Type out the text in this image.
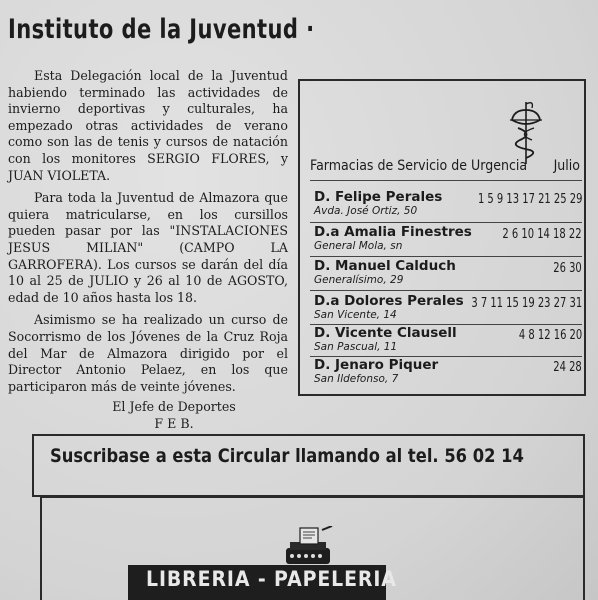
Instituto de la Juventud ·

Esta Delegación local de la Juventud habiendo terminado las actividades de invierno deportivas y culturales, ha empezado otras actividades de verano como son las de tenis y cursos de natación con los monitores SERGIO FLORES, y JUAN VIOLETA.

Para toda la Juventud de Almazora que quiera matricularse, en los cursillos pueden pasar por las "INSTALACIONES JESUS MILIAN" (CAMPO LA GARROFERA). Los cursos se darán del día 10 al 25 de JULIO y 26 al 10 de AGOSTO, edad de 10 años hasta los 18.

Asimismo se ha realizado un curso de Socorrismo de los Jóvenes de la Cruz Roja del Mar de Almazora dirigido por el Director Antonio Pelaez, en los que participaron más de veinte jóvenes.

El Jefe de Deportes
F E B.
Farmacias de Servicio de Urgencia Julio
D. Felipe Perales
Avda. José Ortiz, 50
1 5 9 13 17 21 25 29
D.a Amalia Finestres
General Mola, sn
2 6 10 14 18 22
D. Manuel Calduch
Generalísimo, 29
26 30
D.a Dolores Perales
San Vicente, 14
3 7 11 15 19 23 27 31
D. Vicente Clausell
San Pascual, 11
4 8 12 16 20
D. Jenaro Piquer
San Ildefonso, 7
24 28
Suscribase a esta Circular llamando al tel. 56 02 14
LIBRERIA - PAPELERIA
